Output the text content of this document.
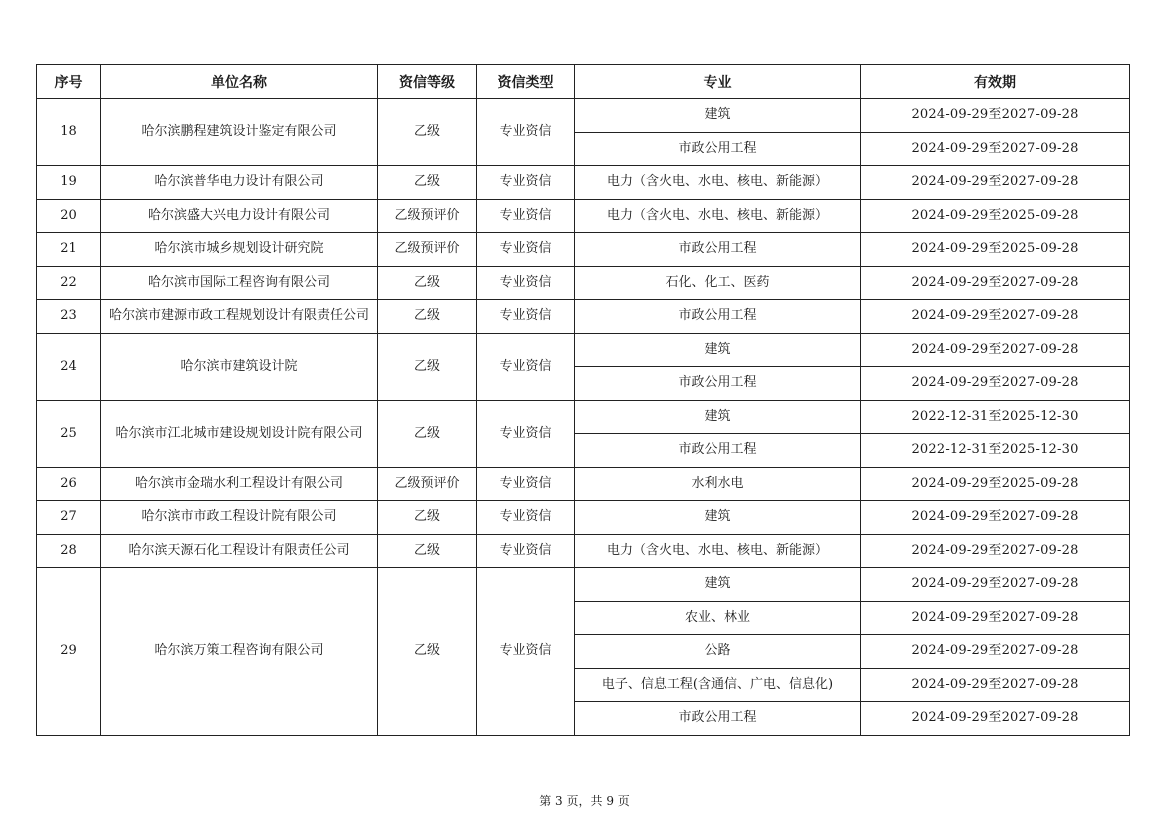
序号	单位名称	资信等级	资信类型	专业	有效期
18	哈尔滨鹏程建筑设计鉴定有限公司	乙级	专业资信	建筑	2024-09-29至2027-09-28
				市政公用工程	2024-09-29至2027-09-28
19	哈尔滨普华电力设计有限公司	乙级	专业资信	电力（含火电、水电、核电、新能源）	2024-09-29至2027-09-28
20	哈尔滨盛大兴电力设计有限公司	乙级预评价	专业资信	电力（含火电、水电、核电、新能源）	2024-09-29至2025-09-28
21	哈尔滨市城乡规划设计研究院	乙级预评价	专业资信	市政公用工程	2024-09-29至2025-09-28
22	哈尔滨市国际工程咨询有限公司	乙级	专业资信	石化、化工、医药	2024-09-29至2027-09-28
23	哈尔滨市建源市政工程规划设计有限责任公司	乙级	专业资信	市政公用工程	2024-09-29至2027-09-28
24	哈尔滨市建筑设计院	乙级	专业资信	建筑	2024-09-29至2027-09-28
				市政公用工程	2024-09-29至2027-09-28
25	哈尔滨市江北城市建设规划设计院有限公司	乙级	专业资信	建筑	2022-12-31至2025-12-30
				市政公用工程	2022-12-31至2025-12-30
26	哈尔滨市金瑞水利工程设计有限公司	乙级预评价	专业资信	水利水电	2024-09-29至2025-09-28
27	哈尔滨市市政工程设计院有限公司	乙级	专业资信	建筑	2024-09-29至2027-09-28
28	哈尔滨天源石化工程设计有限责任公司	乙级	专业资信	电力（含火电、水电、核电、新能源）	2024-09-29至2027-09-28
29	哈尔滨万策工程咨询有限公司	乙级	专业资信	建筑	2024-09-29至2027-09-28
				农业、林业	2024-09-29至2027-09-28
				公路	2024-09-29至2027-09-28
				电子、信息工程(含通信、广电、信息化)	2024-09-29至2027-09-28
				市政公用工程	2024-09-29至2027-09-28
第 3 页，共 9 页
